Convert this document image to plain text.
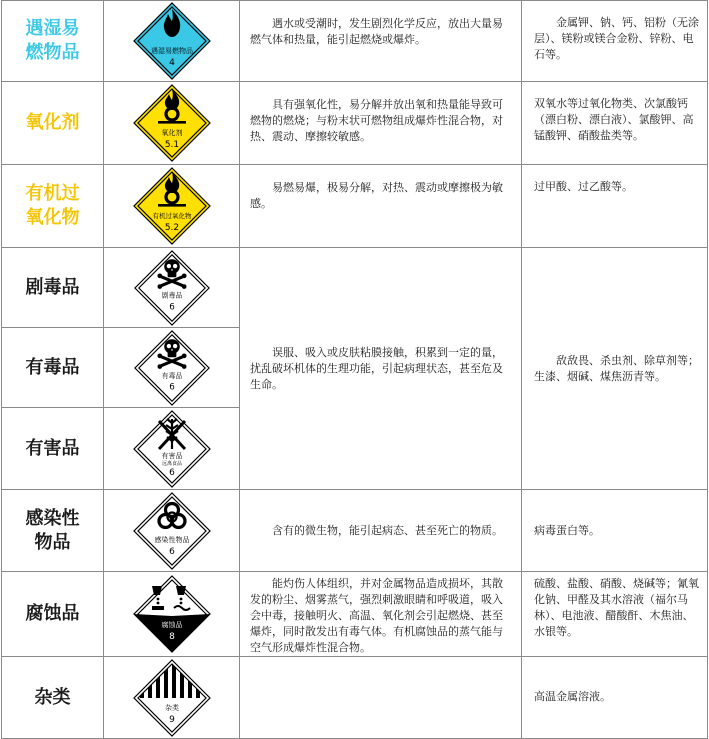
遇湿易
燃物品	遇湿易燃物品
4	遇水或受潮时，发生剧烈化学反应，放出大量易燃气体和热量，能引起燃烧或爆炸。	金属钾、钠、钙、铝粉（无涂层）、镁粉或镁合金粉、锌粉、电石等。

氧化剂	氧化剂
5.1	具有强氧化性，易分解并放出氧和热量能导致可燃物的燃烧；与粉末状可燃物组成爆炸性混合物，对热、震动、摩擦较敏感。	双氧水等过氧化物类、次氯酸钙（漂白粉、漂白液）、氯酸钾、高锰酸钾、硝酸盐类等。

有机过
氧化物	有机过氧化物
5.2	易燃易爆，极易分解，对热、震动或摩擦极为敏感。	过甲酸、过乙酸等。

剧毒品	剧毒品
6	误服、吸入或皮肤粘膜接触，积累到一定的量，扰乱破坏机体的生理功能，引起病理状态，甚至危及生命。	敌敌畏、杀虫剂、除草剂等；生漆、烟碱、煤焦沥青等。

有毒品	有毒品
6		

有害品	有害品
远离食品
6		

感染性
物品	感染性物品
6	含有的微生物，能引起病态、甚至死亡的物质。	病毒蛋白等。

腐蚀品	腐蚀品
8	能灼伤人体组织，并对金属物品造成损坏，其散发的粉尘、烟雾蒸气，强烈刺激眼睛和呼吸道，吸入会中毒，接触明火、高温、氧化剂会引起燃烧、甚至爆炸，同时散发出有毒气体。有机腐蚀品的蒸气能与空气形成爆炸性混合物。	硫酸、盐酸、硝酸、烧碱等；氰氧化钠、甲醛及其水溶液（福尔马林）、电池液、醋酸酐、木焦油、水银等。

杂类	杂类
9		高温金属溶液。
